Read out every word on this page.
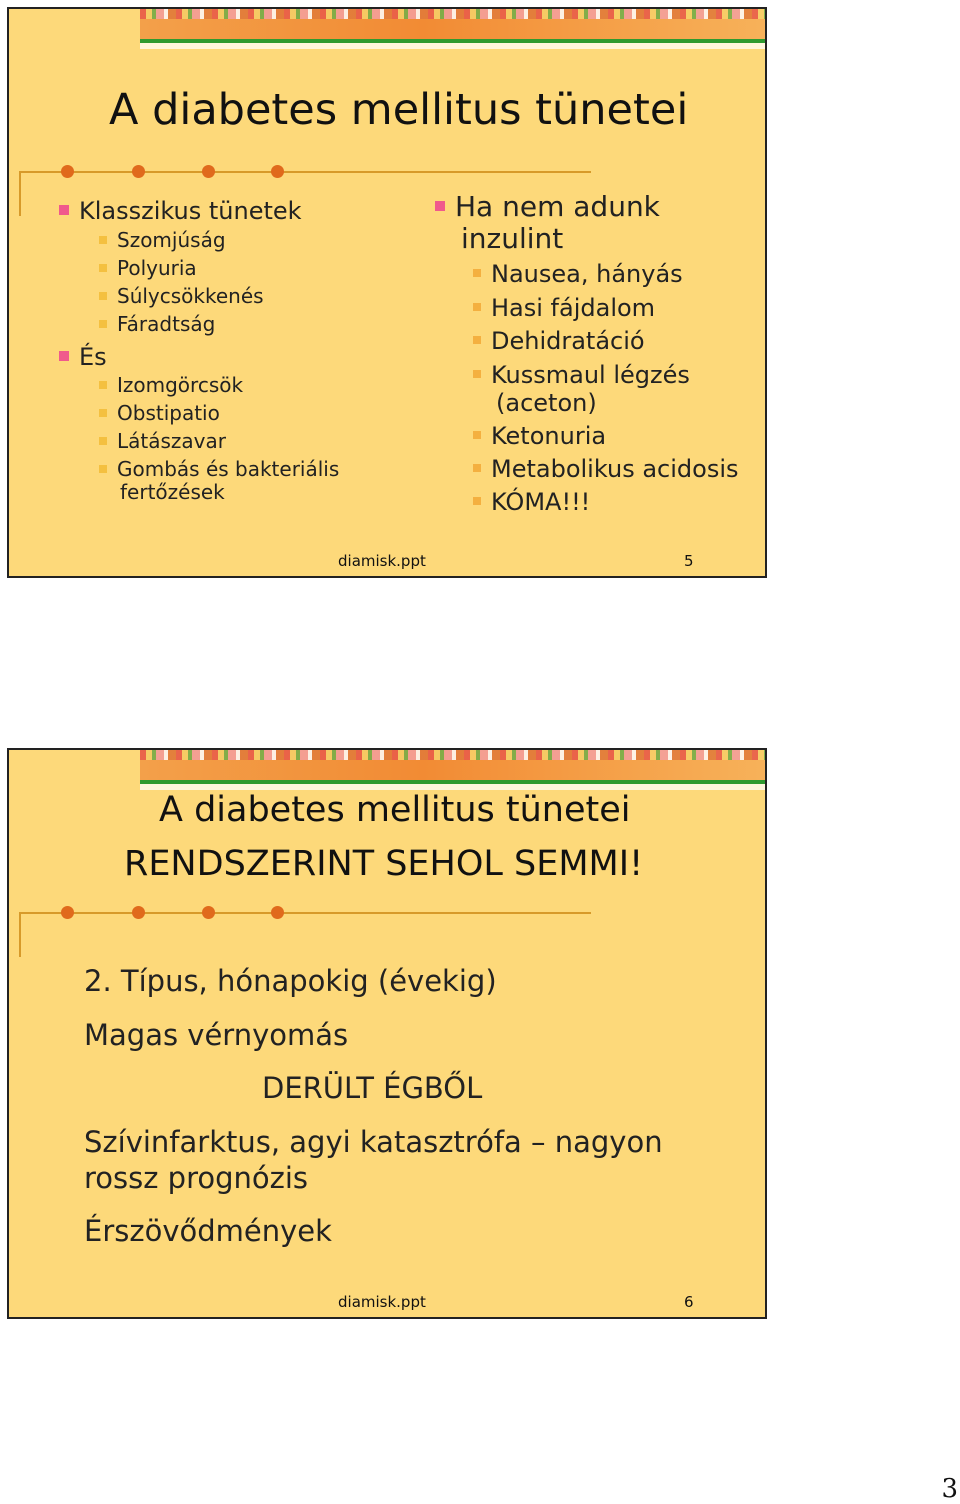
A diabetes mellitus tünetei
Klasszikus tünetek
Szomjúság
Polyuria
Súlycsökkenés
Fáradtság
És
Izomgörcsök
Obstipatio
Látászavar
Gombás és bakteriális
fertőzések
Ha nem adunk
inzulint
Nausea, hányás
Hasi fájdalom
Dehidratáció
Kussmaul légzés
(aceton)
Ketonuria
Metabolikus acidosis
KÓMA!!!
diamisk.ppt	5
A diabetes mellitus tünetei
RENDSZERINT SEHOL SEMMI!
2. Típus, hónapokig (évekig)
Magas vérnyomás
DERÜLT ÉGBŐL
Szívinfarktus, agyi katasztrófa – nagyon
rossz prognózis
Érszövődmények
diamisk.ppt	6
3
